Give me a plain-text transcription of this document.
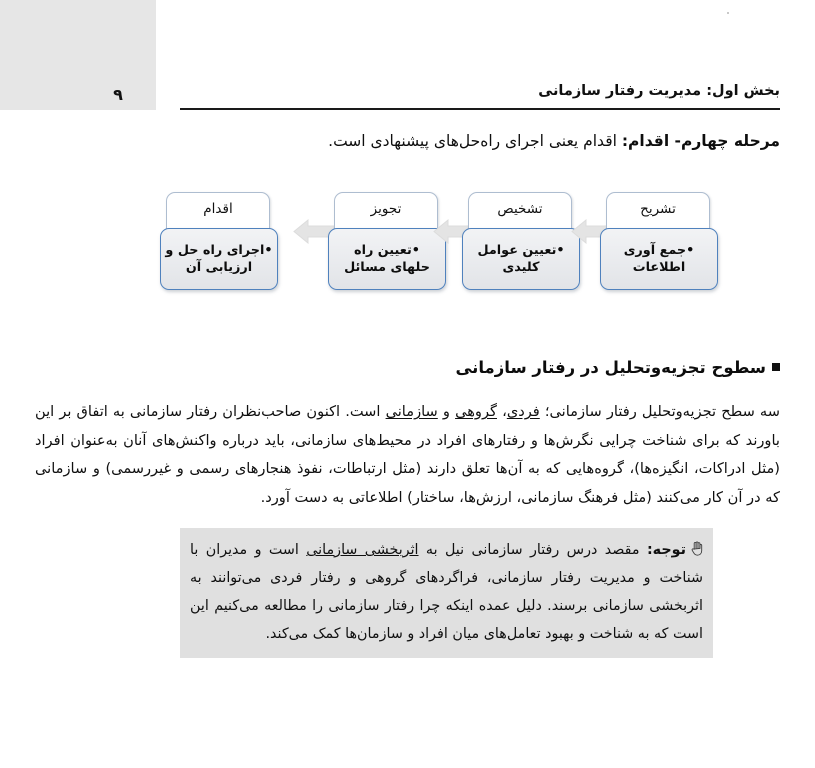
۹	بخش اول: مدیریت رفتار سازمانی
مرحله چهارم- اقدام: اقدام یعنی اجرای راه‌حل‌های پیشنهادی است.
اقدام
•اجرای راه حل و ارزیابی آن
تجویز
•تعیین راه حلهای مسائل
تشخیص
•تعیین عوامل کلیدی
تشریح
•جمع آوری اطلاعات
سطوح تجزیه‌وتحلیل در رفتار سازمانی
سه سطح تجزیه‌وتحلیل رفتار سازمانی؛ فردی، گروهی و سازمانی است. اکنون صاحب‌نظران رفتار سازمانی به اتفاق بر این باورند که برای شناخت چرایی نگرش‌ها و رفتارهای افراد در محیط‌های سازمانی، باید درباره واکنش‌های آنان به‌عنوان افراد (مثل ادراکات، انگیزه‌ها)، گروه‌هایی که به آن‌ها تعلق دارند (مثل ارتباطات، نفوذ هنجارهای رسمی و غیررسمی) و سازمانی که در آن کار می‌کنند (مثل فرهنگ سازمانی، ارزش‌ها، ساختار) اطلاعاتی به دست آورد.
توجه: مقصد درس رفتار سازمانی نیل به اثربخشی سازمانی است و مدیران با شناخت و مدیریت رفتار سازمانی، فراگردهای گروهی و رفتار فردی می‌توانند به اثربخشی سازمانی برسند. دلیل عمده اینکه چرا رفتار سازمانی را مطالعه می‌کنیم این است که به شناخت و بهبود تعامل‌های میان افراد و سازمان‌ها کمک می‌کند.
